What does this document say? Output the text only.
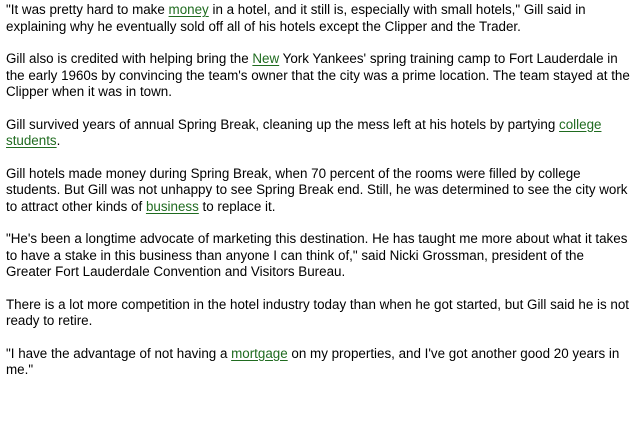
"It was pretty hard to make money in a hotel, and it still is, especially with small hotels," Gill said in
explaining why he eventually sold off all of his hotels except the Clipper and the Trader.

Gill also is credited with helping bring the New York Yankees' spring training camp to Fort Lauderdale in
the early 1960s by convincing the team's owner that the city was a prime location. The team stayed at the
Clipper when it was in town.

Gill survived years of annual Spring Break, cleaning up the mess left at his hotels by partying college
students.

Gill hotels made money during Spring Break, when 70 percent of the rooms were filled by college
students. But Gill was not unhappy to see Spring Break end. Still, he was determined to see the city work
to attract other kinds of business to replace it.

"He's been a longtime advocate of marketing this destination. He has taught me more about what it takes
to have a stake in this business than anyone I can think of," said Nicki Grossman, president of the
Greater Fort Lauderdale Convention and Visitors Bureau.

There is a lot more competition in the hotel industry today than when he got started, but Gill said he is not
ready to retire.

"I have the advantage of not having a mortgage on my properties, and I've got another good 20 years in
me."
